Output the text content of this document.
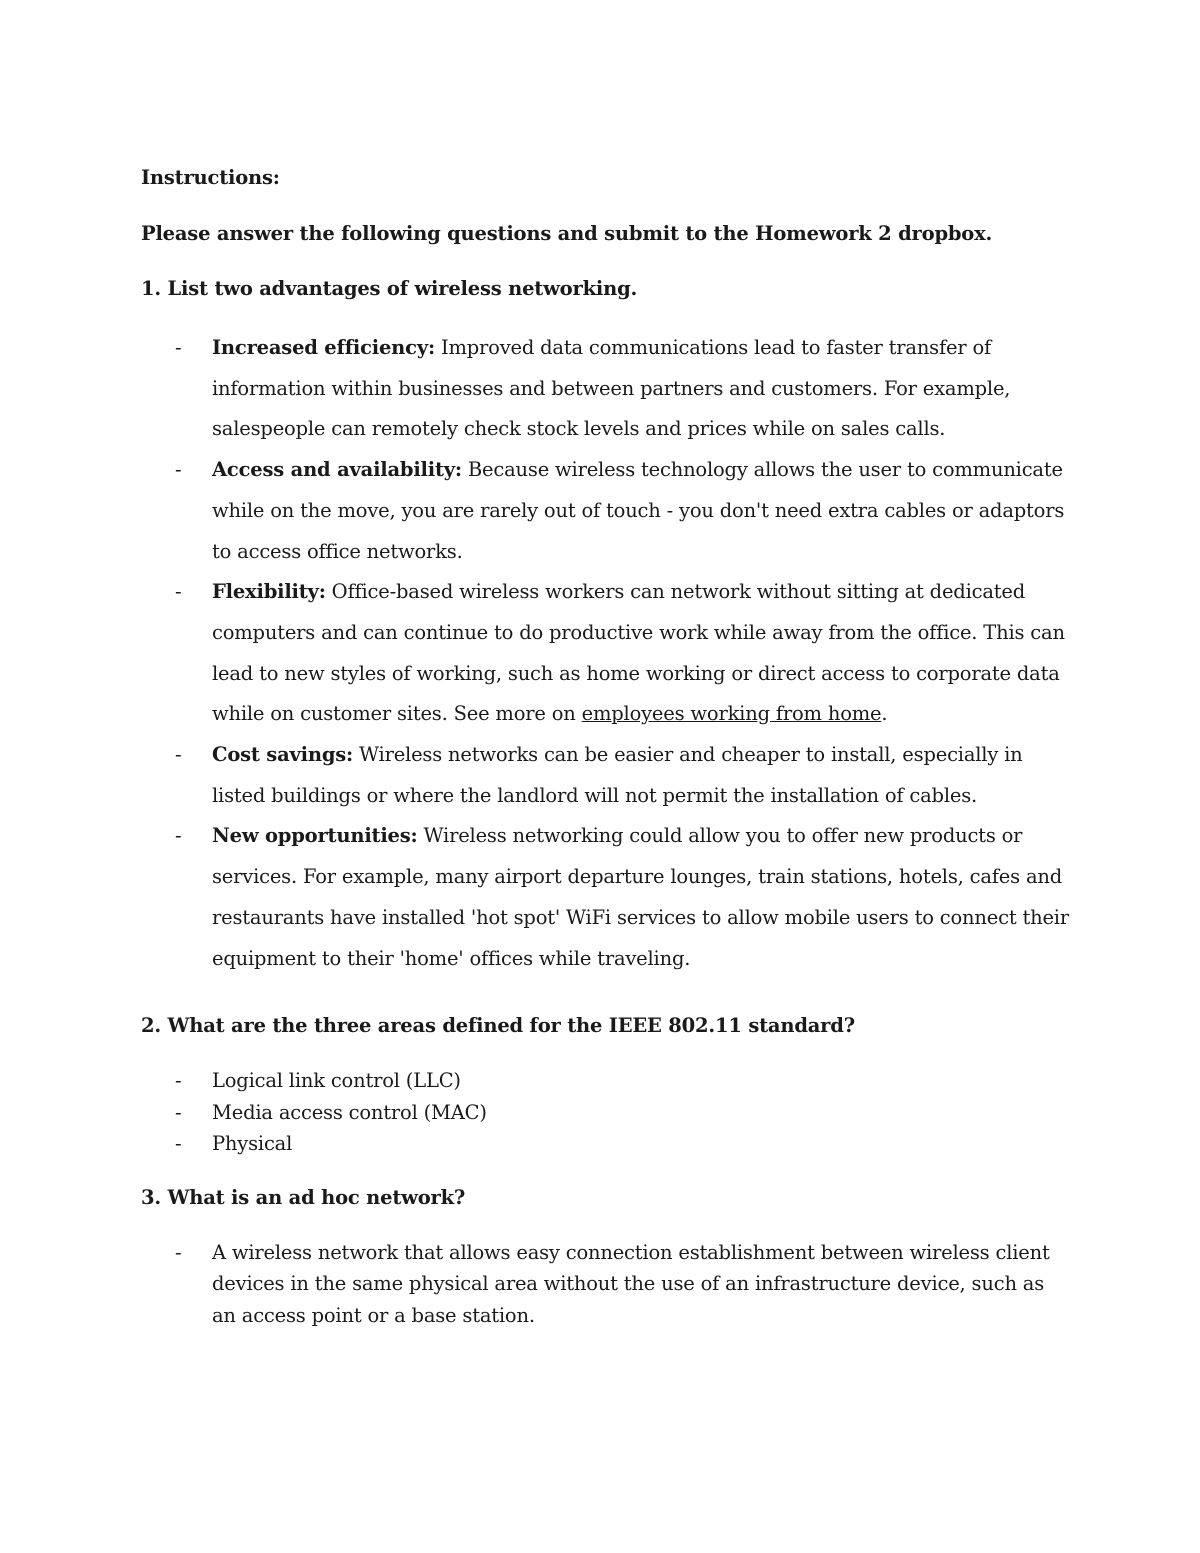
Instructions:

Please answer the following questions and submit to the Homework 2 dropbox.

1. List two advantages of wireless networking.

- Increased efficiency: Improved data communications lead to faster transfer of information within businesses and between partners and customers. For example, salespeople can remotely check stock levels and prices while on sales calls.
- Access and availability: Because wireless technology allows the user to communicate while on the move, you are rarely out of touch - you don't need extra cables or adaptors to access office networks.
- Flexibility: Office-based wireless workers can network without sitting at dedicated computers and can continue to do productive work while away from the office. This can lead to new styles of working, such as home working or direct access to corporate data while on customer sites. See more on employees working from home.
- Cost savings: Wireless networks can be easier and cheaper to install, especially in listed buildings or where the landlord will not permit the installation of cables.
- New opportunities: Wireless networking could allow you to offer new products or services. For example, many airport departure lounges, train stations, hotels, cafes and restaurants have installed 'hot spot' WiFi services to allow mobile users to connect their equipment to their 'home' offices while traveling.

2. What are the three areas defined for the IEEE 802.11 standard?

- Logical link control (LLC)
- Media access control (MAC)
- Physical

3. What is an ad hoc network?

- A wireless network that allows easy connection establishment between wireless client devices in the same physical area without the use of an infrastructure device, such as an access point or a base station.
